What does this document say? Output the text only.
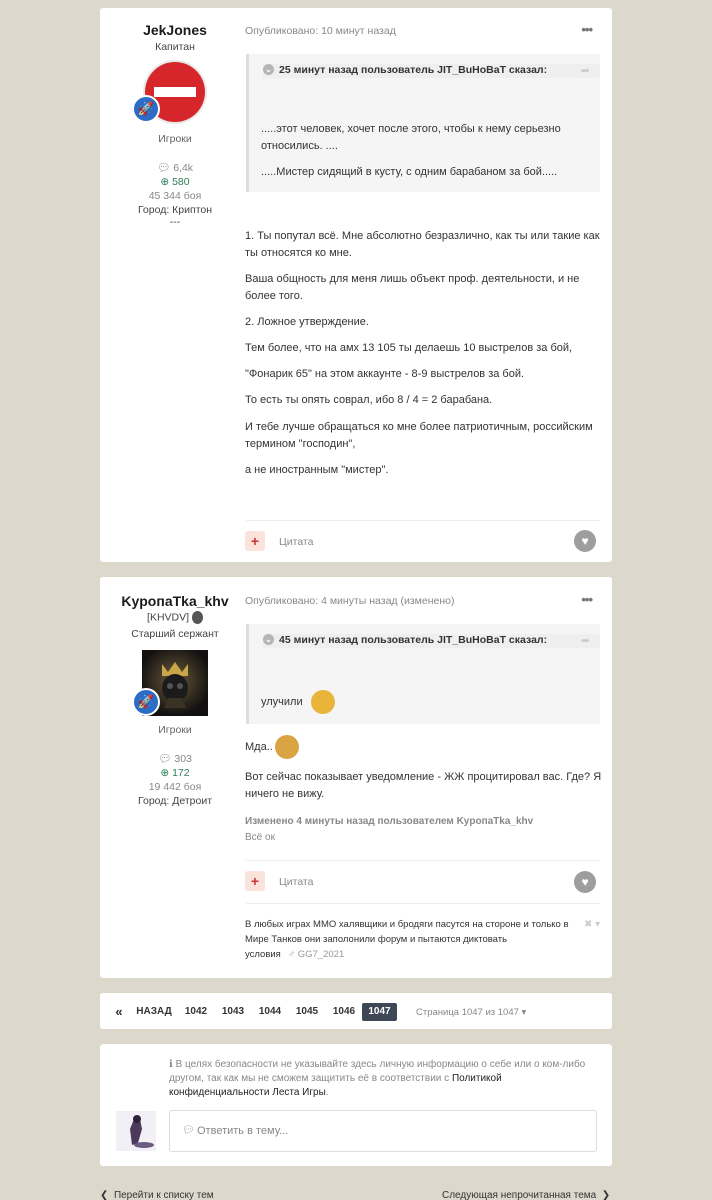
JekJones
Капитан
🚀
Игроки
💬︎ 6,4k
⊕ 580
45 344 боя
Город: Криптон
---
Опубликовано: 10 минут назад	•••
⌄ 25 минут назад пользователь JIT_BuHoBaT сказал:	➦
.....этот человек, хочет после этого, чтобы к нему серьезно
относились. ....
.....Мистер сидящий в кусту, с одним барабаном за бой.....
1. Ты попутал всё. Мне абсолютно безразлично, как ты или такие как
ты относятся ко мне.
Ваша общность для меня лишь объект проф. деятельности, и не
более того.
2. Ложное утверждение.
Тем более, что на амх 13 105 ты делаешь 10 выстрелов за бой,
"Фонарик 65" на этом аккаунте - 8-9 выстрелов за бой.
То есть ты опять соврал, ибо 8 / 4 = 2 барабана.
И тебе лучше обращаться ко мне более патриотичным, российским
термином "господин",
а не иностранным "мистер".
+	Цитата	♥
KypoпaTka_khv
[KHVDV]
Старший сержант
🚀
Игроки
💬︎ 303
⊕ 172
19 442 боя
Город: Детроит
Опубликовано: 4 минуты назад (изменено)	•••
⌄ 45 минут назад пользователь JIT_BuHoBaT сказал:	➦
улучили
Мда..
Вот сейчас показывает уведомление - ЖЖ процитировал вас. Где? Я
ничего не вижу.
Изменено 4 минуты назад пользователем KypoпaTka_khv
Всё ок
+	Цитата	♥
В любых играх ММО халявщики и бродяги пасутся на стороне и только в
Мире Танков они заполонили форум и пытаются диктовать
условия ♂︎ GG7_2021
✖ ▾
« НАЗАД 1042 1043 1044 1045 1046	1047	Страница 1047 из 1047 ▾
ℹ︎ В целях безопасности не указывайте здесь личную информацию о себе или о ком-либо
другом, так как мы не сможем защитить её в соответствии с Политикой
конфиденциальности Леста Игры.
💬︎ Ответить в тему...
❮  Перейти к списку тем	Следующая непрочитанная тема  ❯
